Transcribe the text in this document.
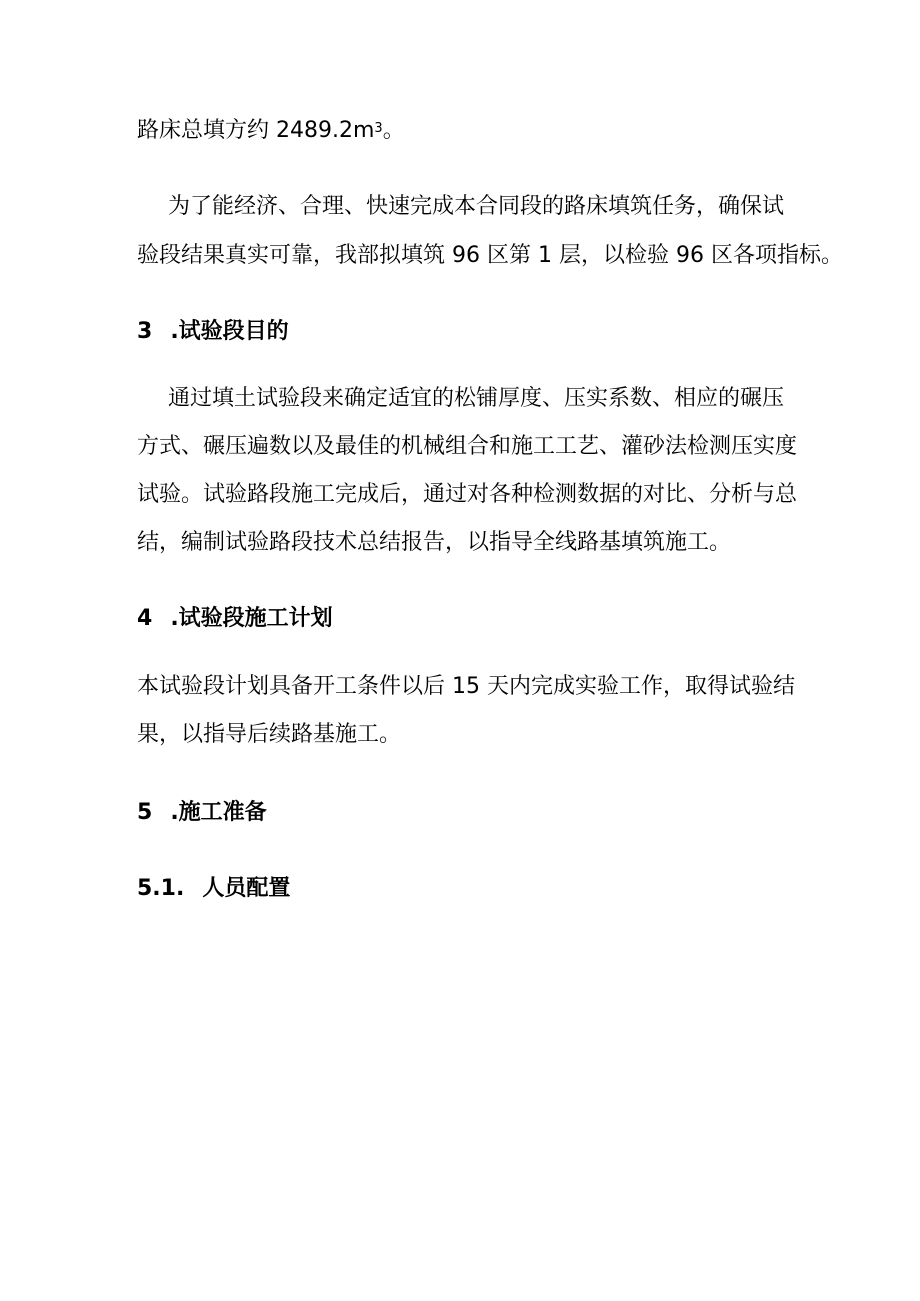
路床总填方约 $2489.2m^3$。
为了能经济、合理、快速完成本合同段的路床填筑任务，确保试
验段结果真实可靠，我部拟填筑 96 区第 1 层，以检验 96 区各项指标。
3 .试验段目的
通过填土试验段来确定适宜的松铺厚度、压实系数、相应的碾压
方式、碾压遍数以及最佳的机械组合和施工工艺、灌砂法检测压实度
试验。试验路段施工完成后，通过对各种检测数据的对比、分析与总
结，编制试验路段技术总结报告，以指导全线路基填筑施工。
4 .试验段施工计划
本试验段计划具备开工条件以后 15 天内完成实验工作，取得试验结
果，以指导后续路基施工。
5 .施工准备
5.1. 人员配置
